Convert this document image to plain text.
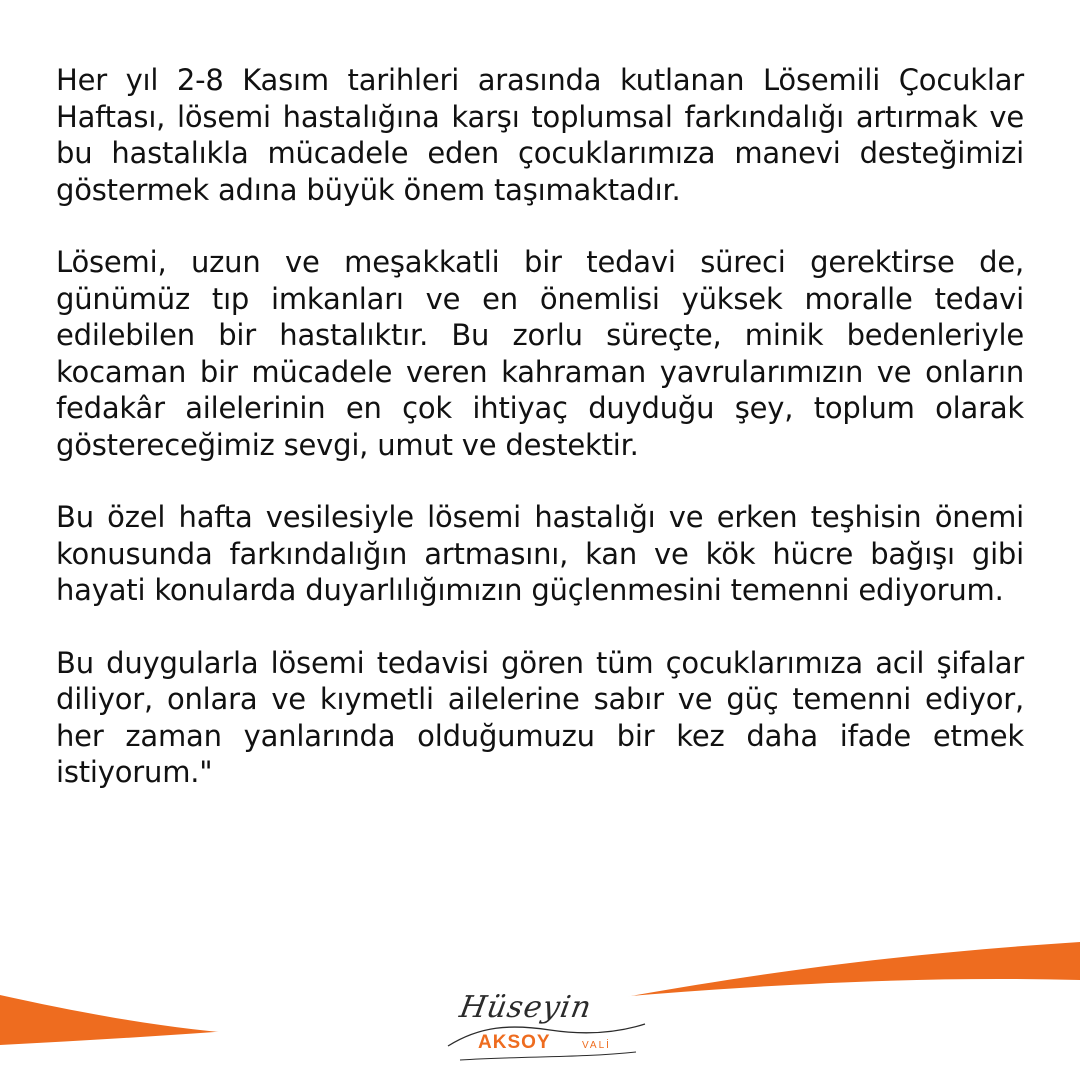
Her yıl 2-8 Kasım tarihleri arasında kutlanan Lösemili Çocuklar Haftası, lösemi hastalığına karşı toplumsal farkındalığı artırmak ve bu hastalıkla mücadele eden çocuklarımıza manevi desteğimizi göstermek adına büyük önem taşımaktadır.

Lösemi, uzun ve meşakkatli bir tedavi süreci gerektirse de, günümüz tıp imkanları ve en önemlisi yüksek moralle tedavi edilebilen bir hastalıktır. Bu zorlu süreçte, minik bedenleriyle kocaman bir mücadele veren kahraman yavrularımızın ve onların fedakâr ailelerinin en çok ihtiyaç duyduğu şey, toplum olarak göstereceğimiz sevgi, umut ve destektir.

Bu özel hafta vesilesiyle lösemi hastalığı ve erken teşhisin önemi konusunda farkındalığın artmasını, kan ve kök hücre bağışı gibi hayati konularda duyarlılığımızın güçlenmesini temenni ediyorum.

Bu duygularla lösemi tedavisi gören tüm çocuklarımıza acil şifalar diliyor, onlara ve kıymetli ailelerine sabır ve güç temenni ediyor, her zaman yanlarında olduğumuzu bir kez daha ifade etmek istiyorum."

Hüseyin
AKSOY	VALİ
